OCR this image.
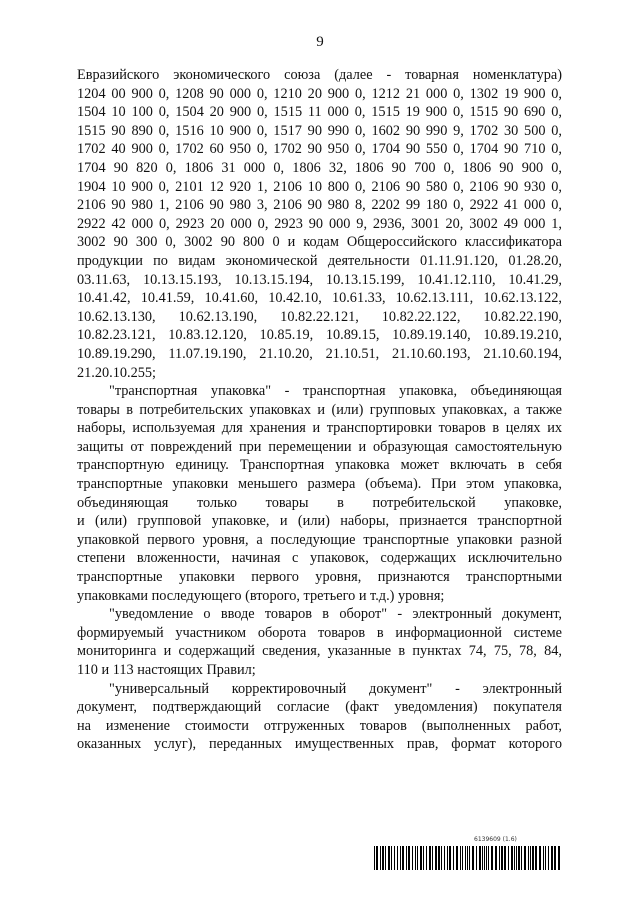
9
Евразийского экономического союза (далее - товарная номенклатура)
1204 00 900 0, 1208 90 000 0, 1210 20 900 0, 1212 21 000 0, 1302 19 900 0,
1504 10 100 0, 1504 20 900 0, 1515 11 000 0, 1515 19 900 0, 1515 90 690 0,
1515 90 890 0, 1516 10 900 0, 1517 90 990 0, 1602 90 990 9, 1702 30 500 0,
1702 40 900 0, 1702 60 950 0, 1702 90 950 0, 1704 90 550 0, 1704 90 710 0,
1704 90 820 0, 1806 31 000 0, 1806 32, 1806 90 700 0, 1806 90 900 0,
1904 10 900 0, 2101 12 920 1, 2106 10 800 0, 2106 90 580 0, 2106 90 930 0,
2106 90 980 1, 2106 90 980 3, 2106 90 980 8, 2202 99 180 0, 2922 41 000 0,
2922 42 000 0, 2923 20 000 0, 2923 90 000 9, 2936, 3001 20, 3002 49 000 1,
3002 90 300 0, 3002 90 800 0 и кодам Общероссийского классификатора
продукции по видам экономической деятельности 01.11.91.120, 01.28.20,
03.11.63, 10.13.15.193, 10.13.15.194, 10.13.15.199, 10.41.12.110, 10.41.29,
10.41.42, 10.41.59, 10.41.60, 10.42.10, 10.61.33, 10.62.13.111, 10.62.13.122,
10.62.13.130, 10.62.13.190, 10.82.22.121, 10.82.22.122, 10.82.22.190,
10.82.23.121, 10.83.12.120, 10.85.19, 10.89.15, 10.89.19.140, 10.89.19.210,
10.89.19.290, 11.07.19.190, 21.10.20, 21.10.51, 21.10.60.193, 21.10.60.194,
21.20.10.255;
"транспортная упаковка" - транспортная упаковка, объединяющая
товары в потребительских упаковках и (или) групповых упаковках, а также
наборы, используемая для хранения и транспортировки товаров в целях их
защиты от повреждений при перемещении и образующая самостоятельную
транспортную единицу. Транспортная упаковка может включать в себя
транспортные упаковки меньшего размера (объема). При этом упаковка,
объединяющая только товары в потребительской упаковке,
и (или) групповой упаковке, и (или) наборы, признается транспортной
упаковкой первого уровня, а последующие транспортные упаковки разной
степени вложенности, начиная с упаковок, содержащих исключительно
транспортные упаковки первого уровня, признаются транспортными
упаковками последующего (второго, третьего и т.д.) уровня;
"уведомление о вводе товаров в оборот" - электронный документ,
формируемый участником оборота товаров в информационной системе
мониторинга и содержащий сведения, указанные в пунктах 74, 75, 78, 84,
110 и 113 настоящих Правил;
"универсальный корректировочный документ" - электронный
документ, подтверждающий согласие (факт уведомления) покупателя
на изменение стоимости отгруженных товаров (выполненных работ,
оказанных услуг), переданных имущественных прав, формат которого
6139609 (1.6)
